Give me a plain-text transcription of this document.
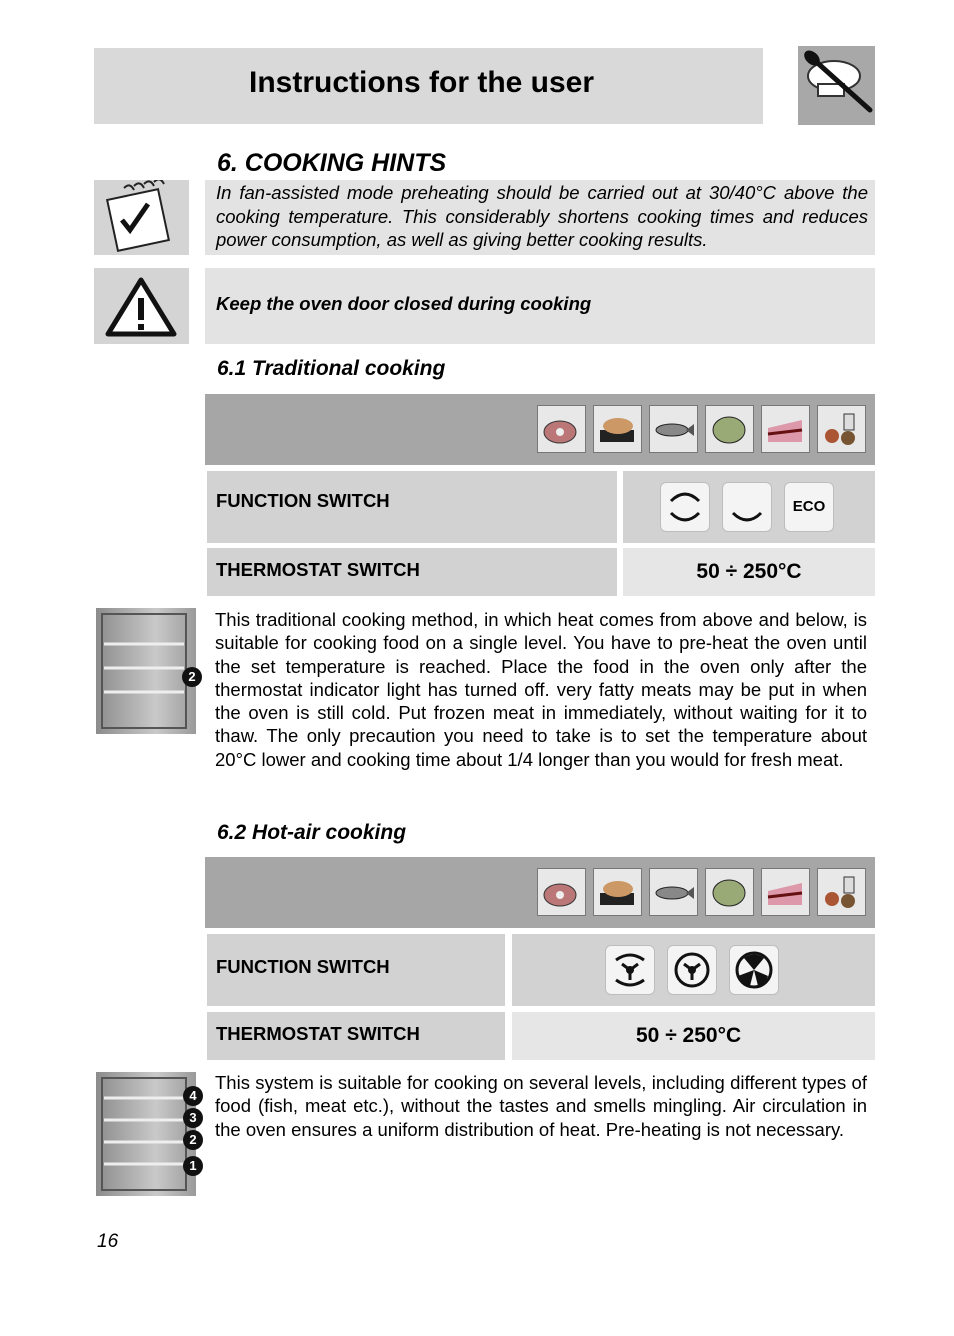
Instructions for the user
6. COOKING HINTS
In fan-assisted mode preheating should be carried out at 30/40°C above the cooking temperature. This considerably shortens cooking times and reduces power consumption, as well as giving better cooking results.
Keep the oven door closed during cooking
6.1 Traditional cooking
FUNCTION SWITCH	ECO
THERMOSTAT SWITCH	50 ÷ 250°C
2
This traditional cooking method, in which heat comes from above and below, is suitable for cooking food on a single level. You have to pre-heat the oven until the set temperature is reached. Place the food in the oven only after the thermostat indicator light has turned off. very fatty meats may be put in when the oven is still cold. Put frozen meat in immediately, without waiting for it to thaw. The only precaution you need to take is to set the temperature about 20°C lower and cooking time about 1/4 longer than you would for fresh meat.
6.2 Hot-air cooking
FUNCTION SWITCH
THERMOSTAT SWITCH	50 ÷ 250°C
4
3
2
1
This system is suitable for cooking on several levels, including different types of food (fish, meat etc.), without the tastes and smells mingling. Air circulation in the oven ensures a uniform distribution of heat. Pre-heating is not necessary.
16
